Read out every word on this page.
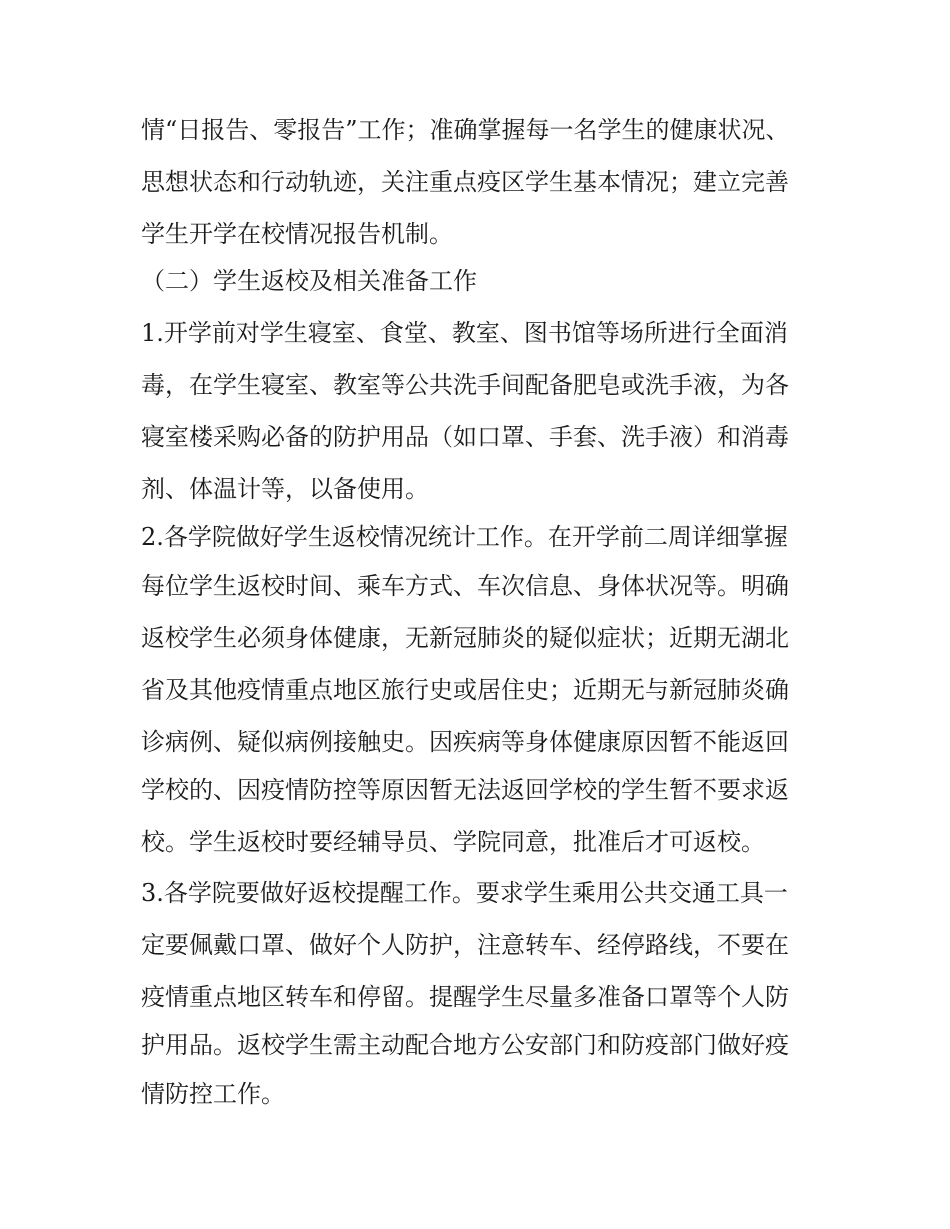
情“日报告、零报告”工作；准确掌握每一名学生的健康状况、

思想状态和行动轨迹，关注重点疫区学生基本情况；建立完善

学生开学在校情况报告机制。

（二）学生返校及相关准备工作

1.开学前对学生寝室、食堂、教室、图书馆等场所进行全面消

毒，在学生寝室、教室等公共洗手间配备肥皂或洗手液，为各

寝室楼采购必备的防护用品（如口罩、手套、洗手液）和消毒

剂、体温计等，以备使用。

2.各学院做好学生返校情况统计工作。在开学前二周详细掌握

每位学生返校时间、乘车方式、车次信息、身体状况等。明确

返校学生必须身体健康，无新冠肺炎的疑似症状；近期无湖北

省及其他疫情重点地区旅行史或居住史；近期无与新冠肺炎确

诊病例、疑似病例接触史。因疾病等身体健康原因暂不能返回

学校的、因疫情防控等原因暂无法返回学校的学生暂不要求返

校。学生返校时要经辅导员、学院同意，批准后才可返校。

3.各学院要做好返校提醒工作。要求学生乘用公共交通工具一

定要佩戴口罩、做好个人防护，注意转车、经停路线，不要在

疫情重点地区转车和停留。提醒学生尽量多准备口罩等个人防

护用品。返校学生需主动配合地方公安部门和防疫部门做好疫

情防控工作。
